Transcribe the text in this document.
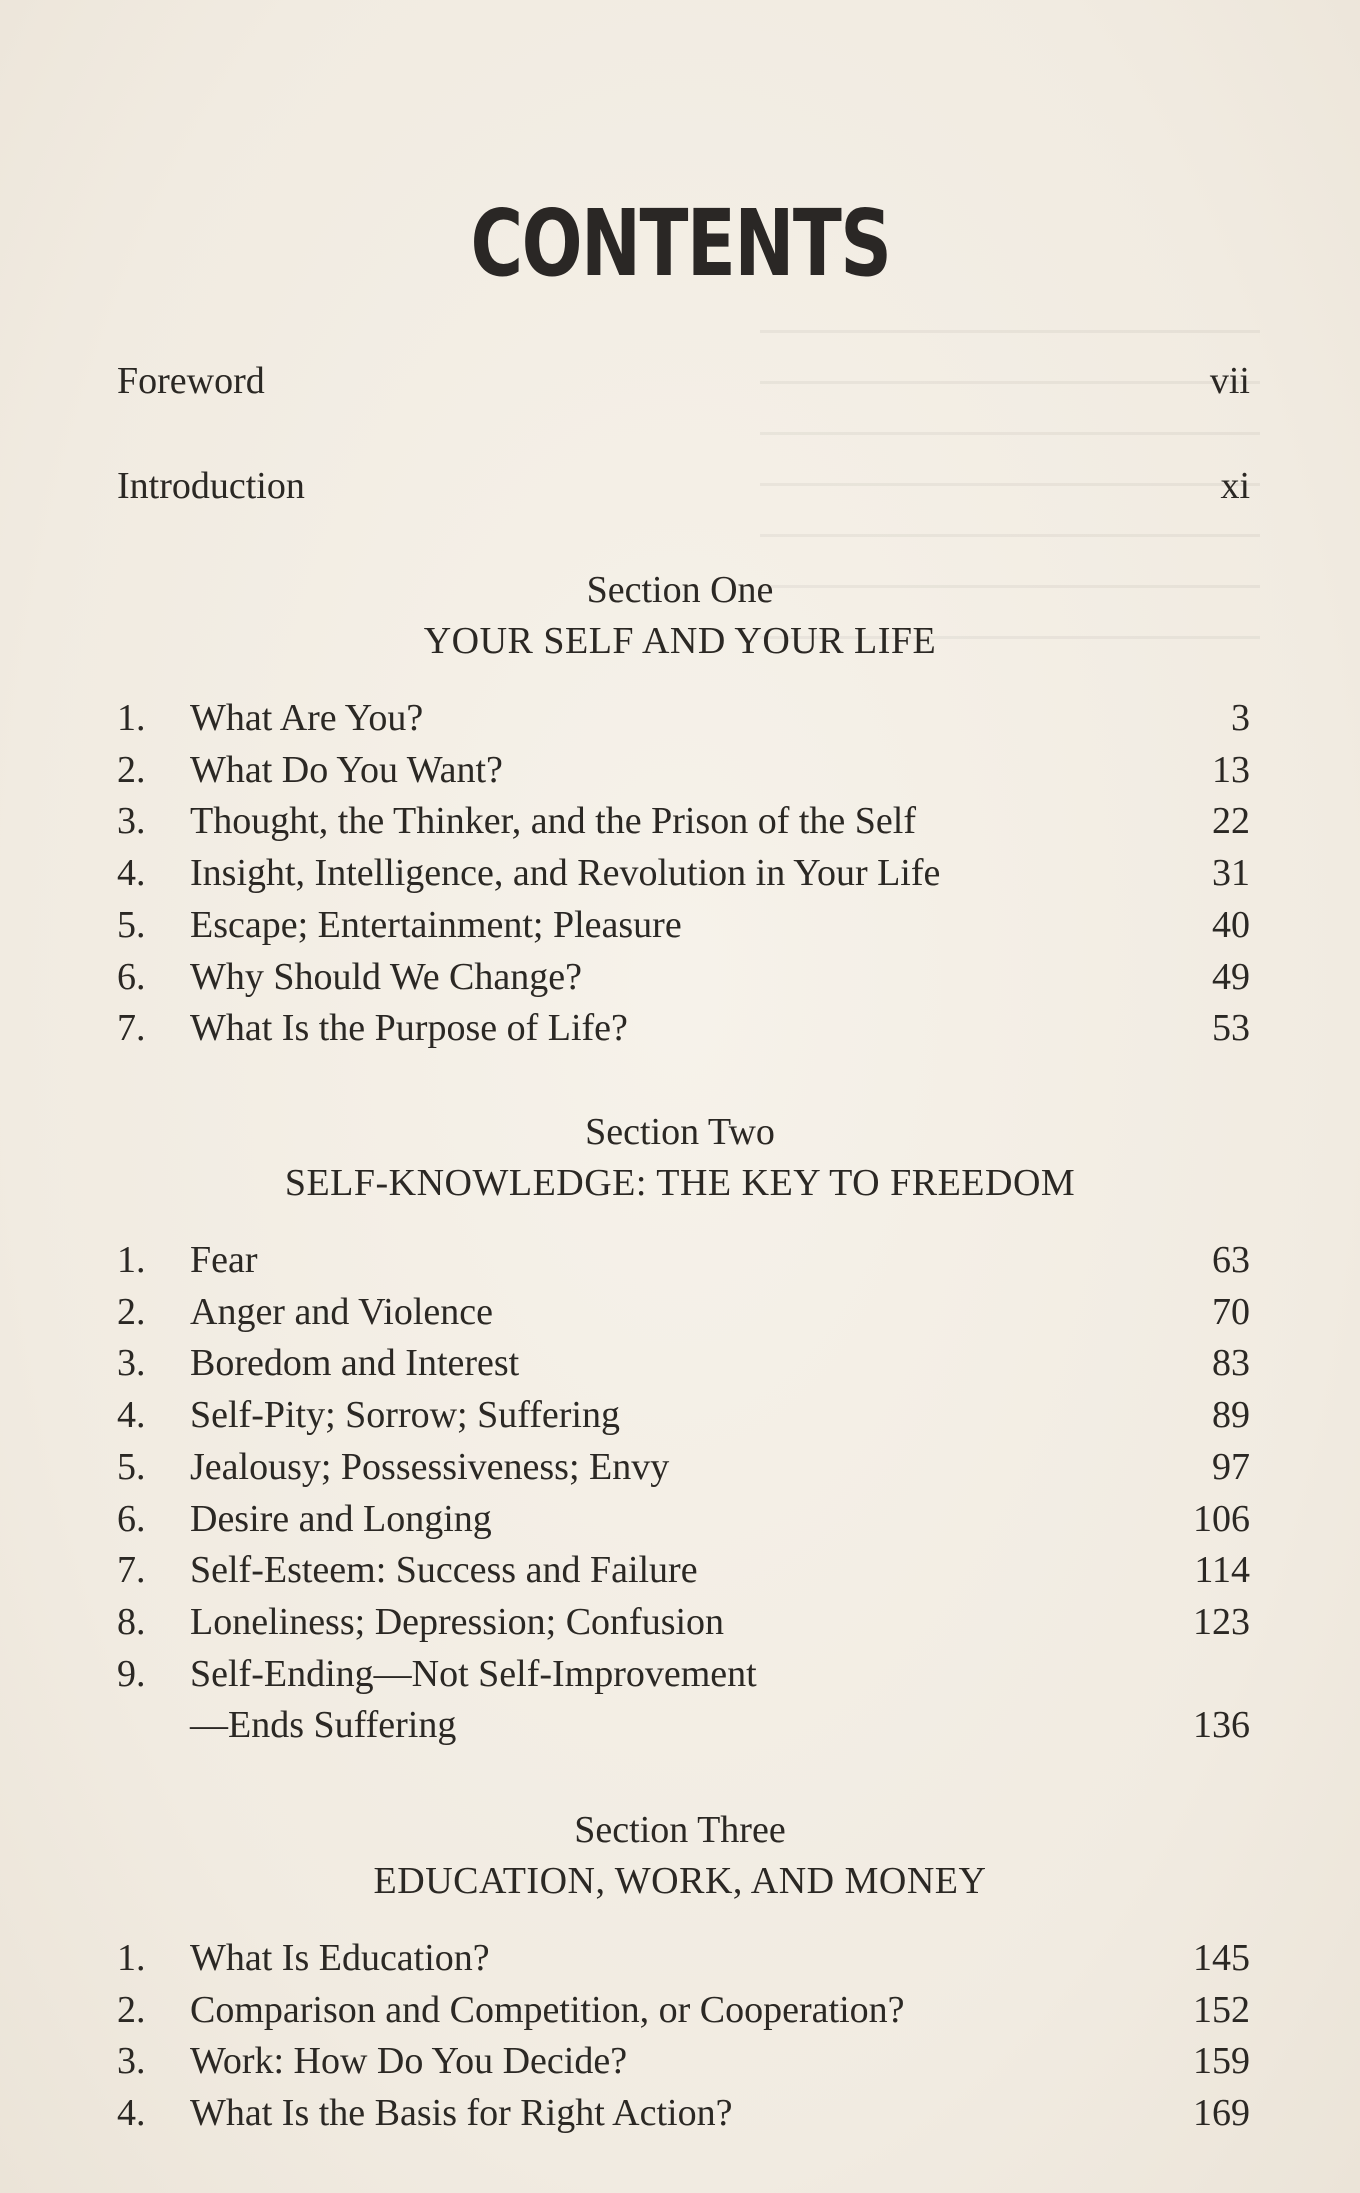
CONTENTS
Foreword	vii
Introduction	xi
Section One
YOUR SELF AND YOUR LIFE
1. What Are You?	3
2. What Do You Want?	13
3. Thought, the Thinker, and the Prison of the Self	22
4. Insight, Intelligence, and Revolution in Your Life	31
5. Escape; Entertainment; Pleasure	40
6. Why Should We Change?	49
7. What Is the Purpose of Life?	53
Section Two
SELF-KNOWLEDGE: THE KEY TO FREEDOM
1. Fear	63
2. Anger and Violence	70
3. Boredom and Interest	83
4. Self-Pity; Sorrow; Suffering	89
5. Jealousy; Possessiveness; Envy	97
6. Desire and Longing	106
7. Self-Esteem: Success and Failure	114
8. Loneliness; Depression; Confusion	123
9. Self-Ending—Not Self-Improvement
—Ends Suffering	136
Section Three
EDUCATION, WORK, AND MONEY
1. What Is Education?	145
2. Comparison and Competition, or Cooperation?	152
3. Work: How Do You Decide?	159
4. What Is the Basis for Right Action?	169
